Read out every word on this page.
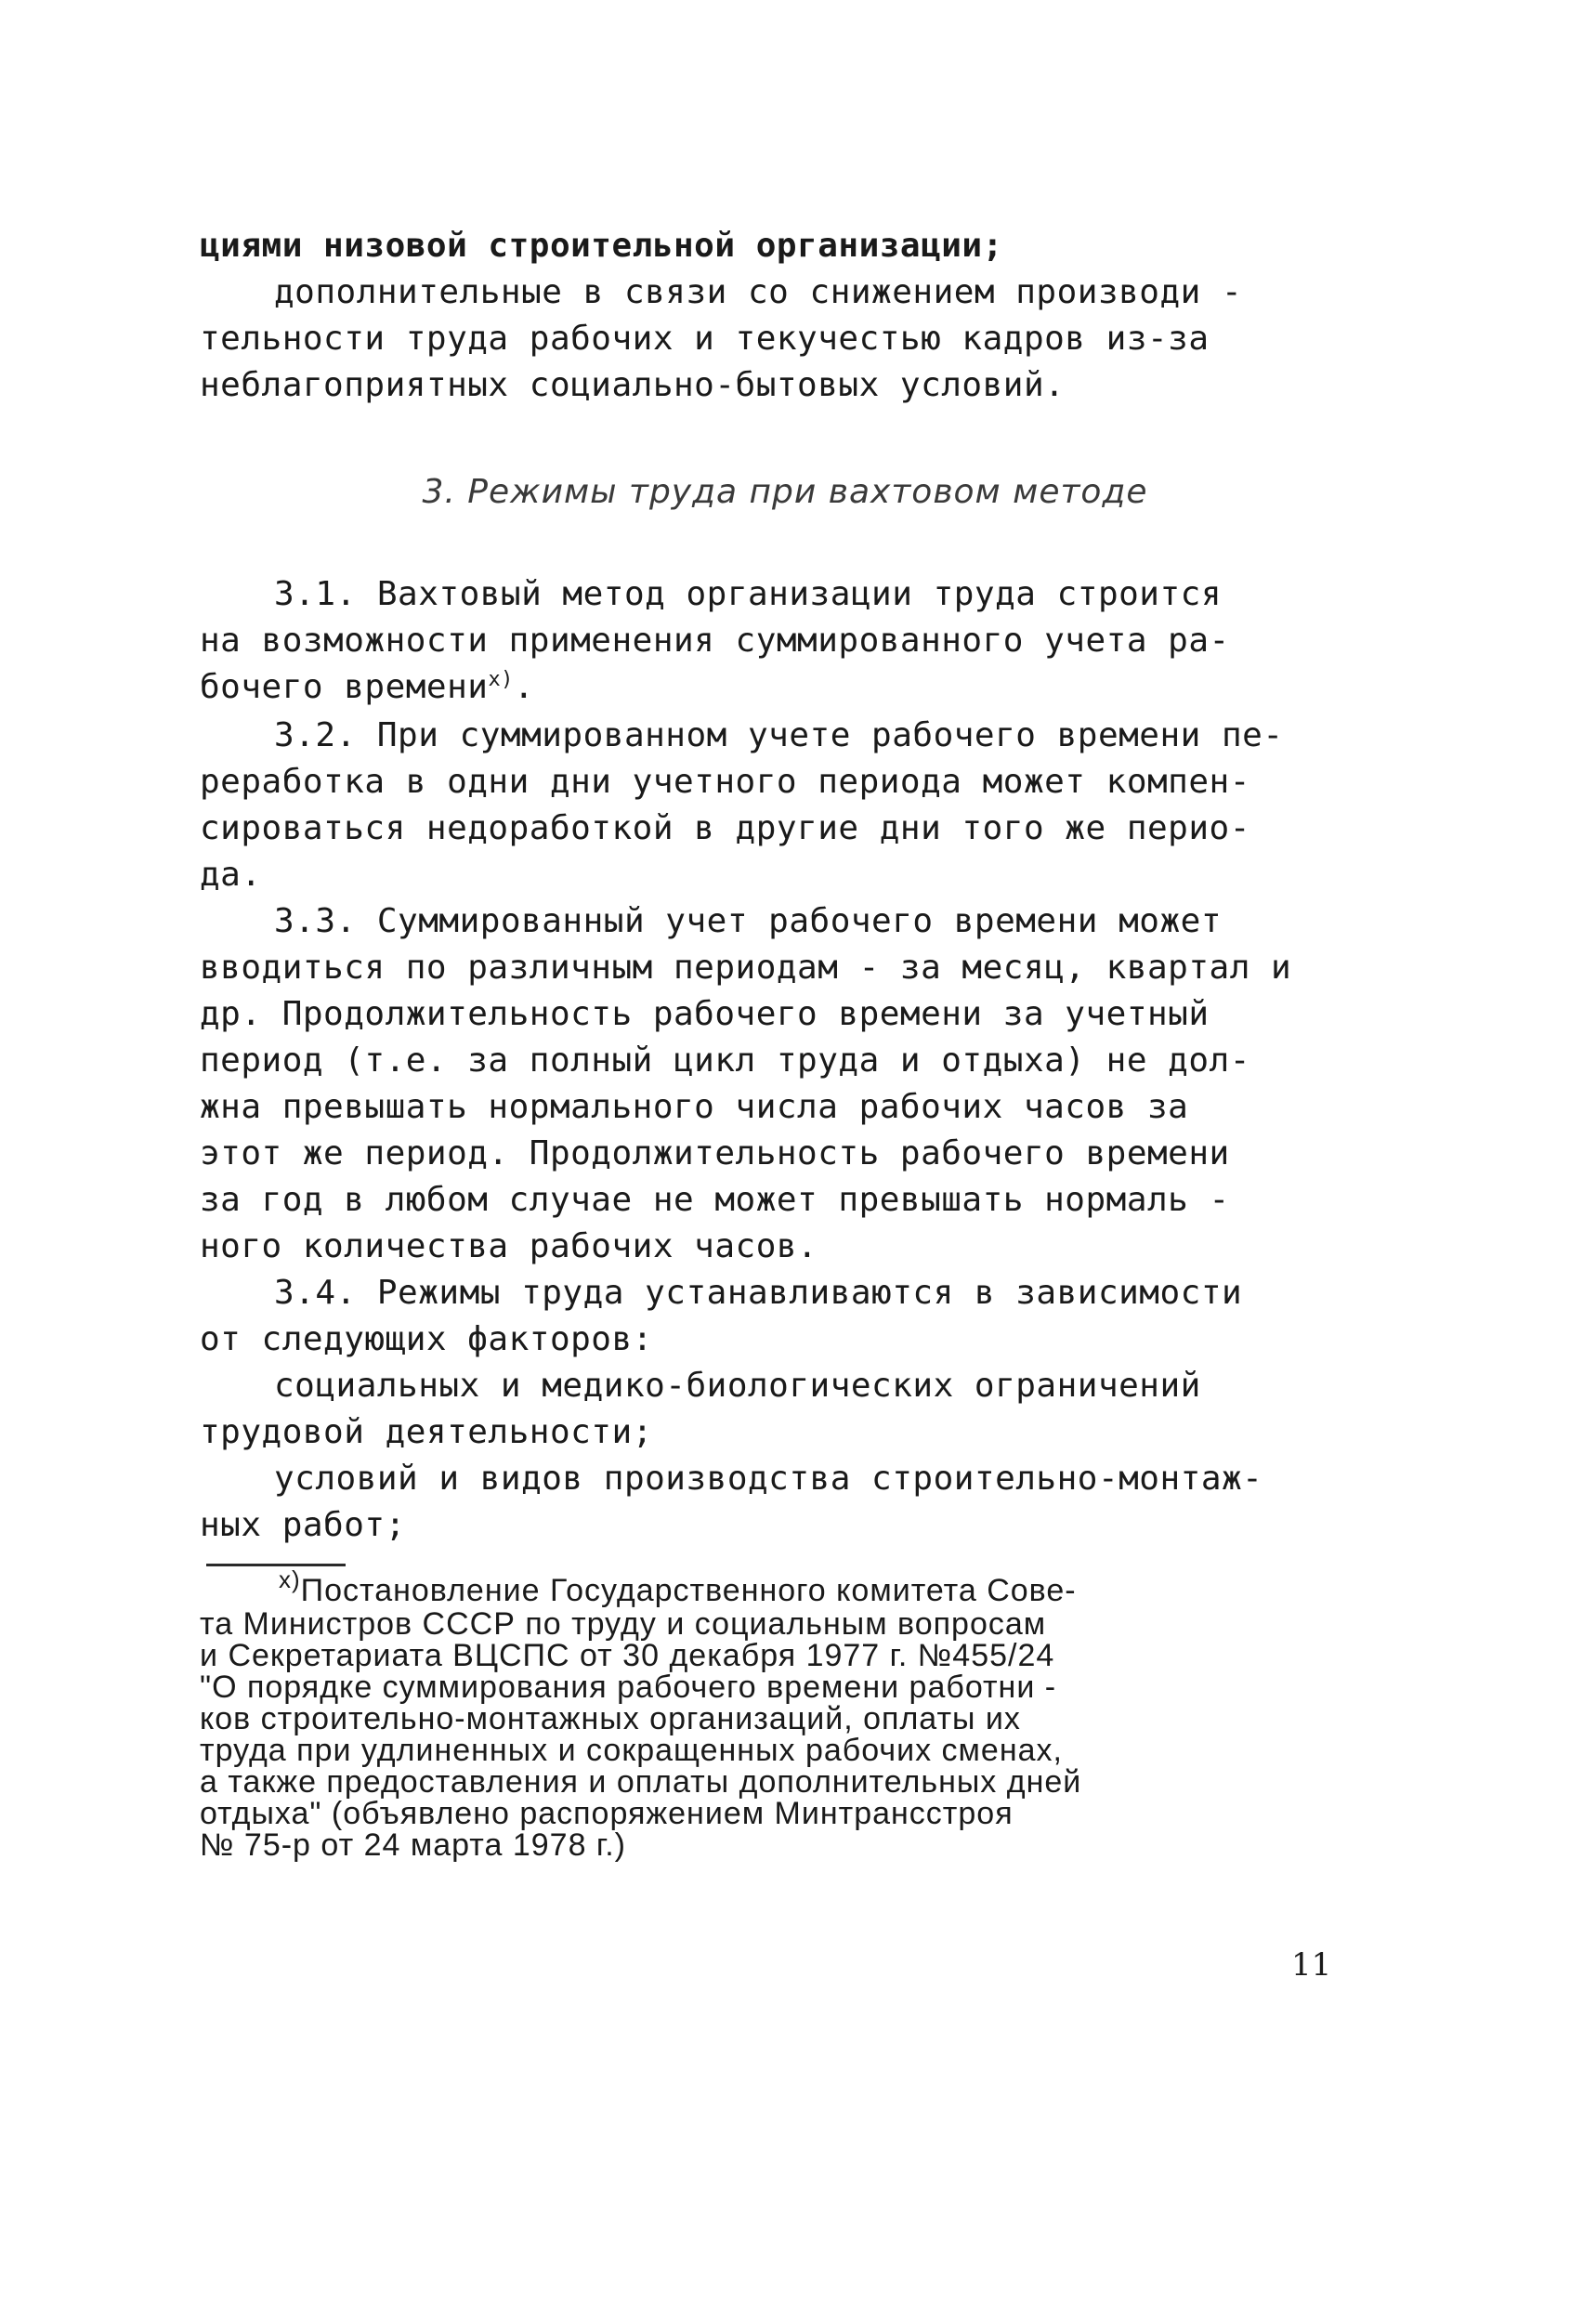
циями низовой строительной организации;
дополнительные в связи со снижением производи -
тельности труда рабочих и текучестью кадров из-за
неблагоприятных социально-бытовых условий.
3. Режимы труда при вахтовом методе
3.1. Вахтовый метод организации труда строится
на возможности применения суммированного учета ра-
бочего времени$^{x)}$.
3.2. При суммированном учете рабочего времени пе-
реработка в одни дни учетного периода может компен-
сироваться недоработкой в другие дни того же перио-
да.
3.3. Суммированный учет рабочего времени может
вводиться по различным периодам - за месяц, квартал и
др. Продолжительность рабочего времени за учетный
период (т.е. за полный цикл труда и отдыха) не дол-
жна превышать нормального числа рабочих часов за
этот же период. Продолжительность рабочего времени
за год в любом случае не может превышать нормаль -
ного количества рабочих часов.
3.4. Режимы труда устанавливаются в зависимости
от следующих факторов:
социальных и медико-биологических ограничений
трудовой деятельности;
условий и видов производства строительно-монтаж-
ных работ;
$^{x)}$Постановление Государственного комитета Сове-
та Министров СССР по труду и социальным вопросам
и Секретариата ВЦСПС от 30 декабря 1977 г. №455/24
"О порядке суммирования рабочего времени работни -
ков строительно-монтажных организаций, оплаты их
труда при удлиненных и сокращенных рабочих сменах,
а также предоставления и оплаты дополнительных дней
отдыха" (объявлено распоряжением Минтрансстроя
№ 75-р от 24 марта 1978 г.)
11
